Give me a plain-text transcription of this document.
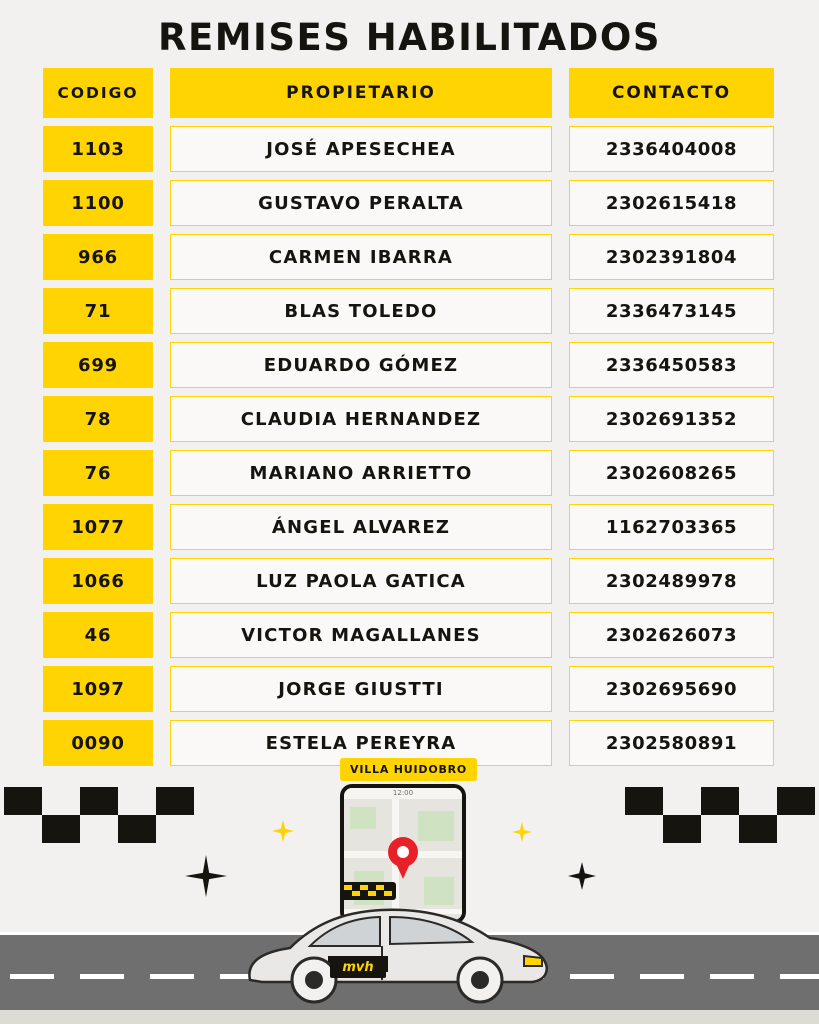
REMISES HABILITADOS
CODIGO	PROPIETARIO	CONTACTO
1103	JOSÉ APESECHEA	2336404008
1100	GUSTAVO PERALTA	2302615418
966	CARMEN IBARRA	2302391804
71	BLAS TOLEDO	2336473145
699	EDUARDO GÓMEZ	2336450583
78	CLAUDIA HERNANDEZ	2302691352
76	MARIANO ARRIETTO	2302608265
1077	ÁNGEL ALVAREZ	1162703365
1066	LUZ PAOLA GATICA	2302489978
46	VICTOR MAGALLANES	2302626073
1097	JORGE GIUSTTI	2302695690
0090	ESTELA PEREYRA	2302580891
VILLA HUIDOBRO
12:00
mvh
